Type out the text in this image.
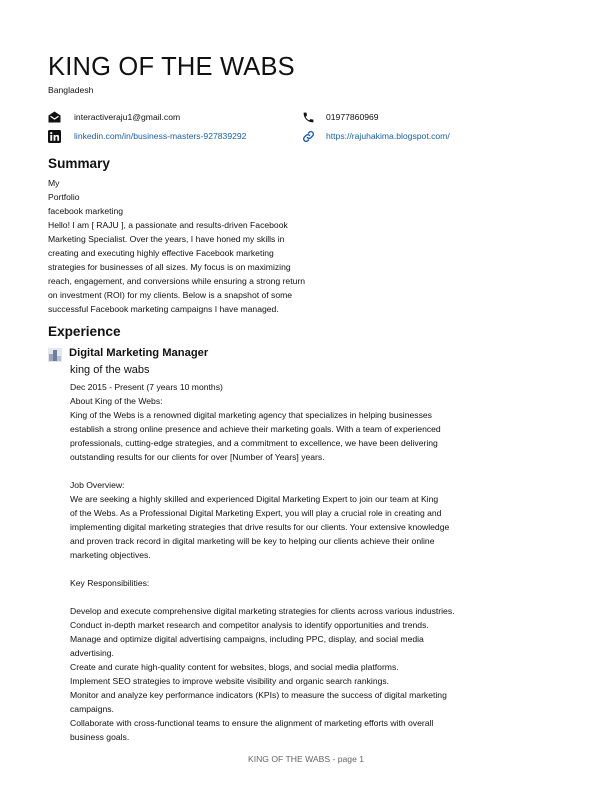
KING OF THE WABS
Bangladesh
interactiveraju1@gmail.com	01977860969
linkedin.com/in/business-masters-927839292	https://rajuhakima.blogspot.com/
Summary
My
Portfolio
facebook marketing
Hello! I am [ RAJU ], a passionate and results-driven Facebook
Marketing Specialist. Over the years, I have honed my skills in
creating and executing highly effective Facebook marketing
strategies for businesses of all sizes. My focus is on maximizing
reach, engagement, and conversions while ensuring a strong return
on investment (ROI) for my clients. Below is a snapshot of some
successful Facebook marketing campaigns I have managed.
Experience
Digital Marketing Manager
king of the wabs
Dec 2015 - Present (7 years 10 months)
About King of the Webs:
King of the Webs is a renowned digital marketing agency that specializes in helping businesses
establish a strong online presence and achieve their marketing goals. With a team of experienced
professionals, cutting-edge strategies, and a commitment to excellence, we have been delivering
outstanding results for our clients for over [Number of Years] years.
Job Overview:
We are seeking a highly skilled and experienced Digital Marketing Expert to join our team at King
of the Webs. As a Professional Digital Marketing Expert, you will play a crucial role in creating and
implementing digital marketing strategies that drive results for our clients. Your extensive knowledge
and proven track record in digital marketing will be key to helping our clients achieve their online
marketing objectives.
Key Responsibilities:
Develop and execute comprehensive digital marketing strategies for clients across various industries.
Conduct in-depth market research and competitor analysis to identify opportunities and trends.
Manage and optimize digital advertising campaigns, including PPC, display, and social media
advertising.
Create and curate high-quality content for websites, blogs, and social media platforms.
Implement SEO strategies to improve website visibility and organic search rankings.
Monitor and analyze key performance indicators (KPIs) to measure the success of digital marketing
campaigns.
Collaborate with cross-functional teams to ensure the alignment of marketing efforts with overall
business goals.
KING OF THE WABS - page 1
